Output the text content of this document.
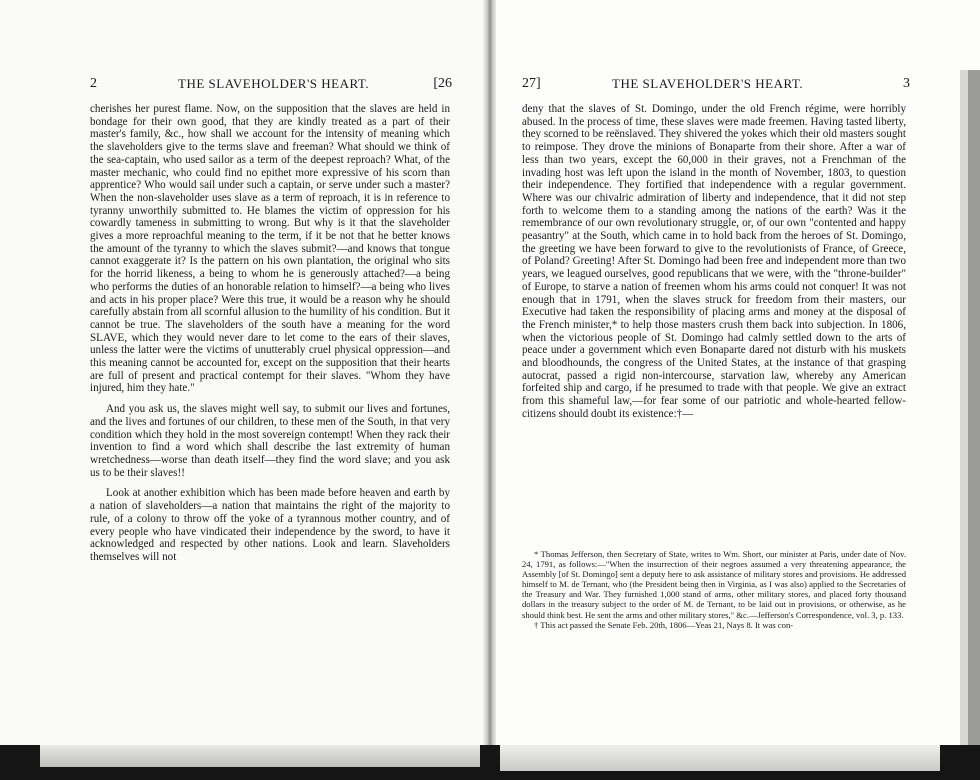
2	THE SLAVEHOLDER'S HEART.	[26

cherishes her purest flame. Now, on the supposition that the slaves are held in bondage for their own good, that they are kindly treated as a part of their master's family, &c., how shall we account for the intensity of meaning which the slaveholders give to the terms slave and freeman? What should we think of the sea-captain, who used sailor as a term of the deepest reproach? What, of the master mechanic, who could find no epithet more expressive of his scorn than apprentice? Who would sail under such a captain, or serve under such a master? When the non-slaveholder uses slave as a term of reproach, it is in reference to tyranny unworthily submitted to. He blames the victim of oppression for his cowardly tameness in submitting to wrong. But why is it that the slaveholder gives a more reproachful meaning to the term, if it be not that he better knows the amount of the tyranny to which the slaves submit?—and knows that tongue cannot exaggerate it? Is the pattern on his own plantation, the original who sits for the horrid likeness, a being to whom he is generously attached?—a being who performs the duties of an honorable relation to himself?—a being who lives and acts in his proper place? Were this true, it would be a reason why he should carefully abstain from all scornful allusion to the humility of his condition. But it cannot be true. The slaveholders of the south have a meaning for the word SLAVE, which they would never dare to let come to the ears of their slaves, unless the latter were the victims of unutterably cruel physical oppression—and this meaning cannot be accounted for, except on the supposition that their hearts are full of present and practical contempt for their slaves. "Whom they have injured, him they hate."

And you ask us, the slaves might well say, to submit our lives and fortunes, and the lives and fortunes of our children, to these men of the South, in that very condition which they hold in the most sovereign contempt! When they rack their invention to find a word which shall describe the last extremity of human wretchedness—worse than death itself—they find the word slave; and you ask us to be their slaves!!

Look at another exhibition which has been made before heaven and earth by a nation of slaveholders—a nation that maintains the right of the majority to rule, of a colony to throw off the yoke of a tyrannous mother country, and of every people who have vindicated their independence by the sword, to have it acknowledged and respected by other nations. Look and learn. Slaveholders themselves will not

27]	THE SLAVEHOLDER'S HEART.	3

deny that the slaves of St. Domingo, under the old French régime, were horribly abused. In the process of time, these slaves were made freemen. Having tasted liberty, they scorned to be reënslaved. They shivered the yokes which their old masters sought to reimpose. They drove the minions of Bonaparte from their shore. After a war of less than two years, except the 60,000 in their graves, not a Frenchman of the invading host was left upon the island in the month of November, 1803, to question their independence. They fortified that independence with a regular government. Where was our chivalric admiration of liberty and independence, that it did not step forth to welcome them to a standing among the nations of the earth? Was it the remembrance of our own revolutionary struggle, or, of our own "contented and happy peasantry" at the South, which came in to hold back from the heroes of St. Domingo, the greeting we have been forward to give to the revolutionists of France, of Greece, of Poland? Greeting! After St. Domingo had been free and independent more than two years, we leagued ourselves, good republicans that we were, with the "throne-builder" of Europe, to starve a nation of freemen whom his arms could not conquer! It was not enough that in 1791, when the slaves struck for freedom from their masters, our Executive had taken the responsibility of placing arms and money at the disposal of the French minister,* to help those masters crush them back into subjection. In 1806, when the victorious people of St. Domingo had calmly settled down to the arts of peace under a government which even Bonaparte dared not disturb with his muskets and bloodhounds, the congress of the United States, at the instance of that grasping autocrat, passed a rigid non-intercourse, starvation law, whereby any American forfeited ship and cargo, if he presumed to trade with that people. We give an extract from this shameful law,—for fear some of our patriotic and whole-hearted fellow-citizens should doubt its existence:†—

* Thomas Jefferson, then Secretary of State, writes to Wm. Short, our minister at Paris, under date of Nov. 24, 1791, as follows:—"When the insurrection of their negroes assumed a very threatening appearance, the Assembly [of St. Domingo] sent a deputy here to ask assistance of military stores and provisions. He addressed himself to M. de Ternant, who (the President being then in Virginia, as I was also) applied to the Secretaries of the Treasury and War. They furnished 1,000 stand of arms, other military stores, and placed forty thousand dollars in the treasury subject to the order of M. de Ternant, to be laid out in provisions, or otherwise, as he should think best. He sent the arms and other military stores," &c.—Jefferson's Correspondence, vol. 3, p. 133.

† This act passed the Senate Feb. 20th, 1806—Yeas 21, Nays 8. It was con-
